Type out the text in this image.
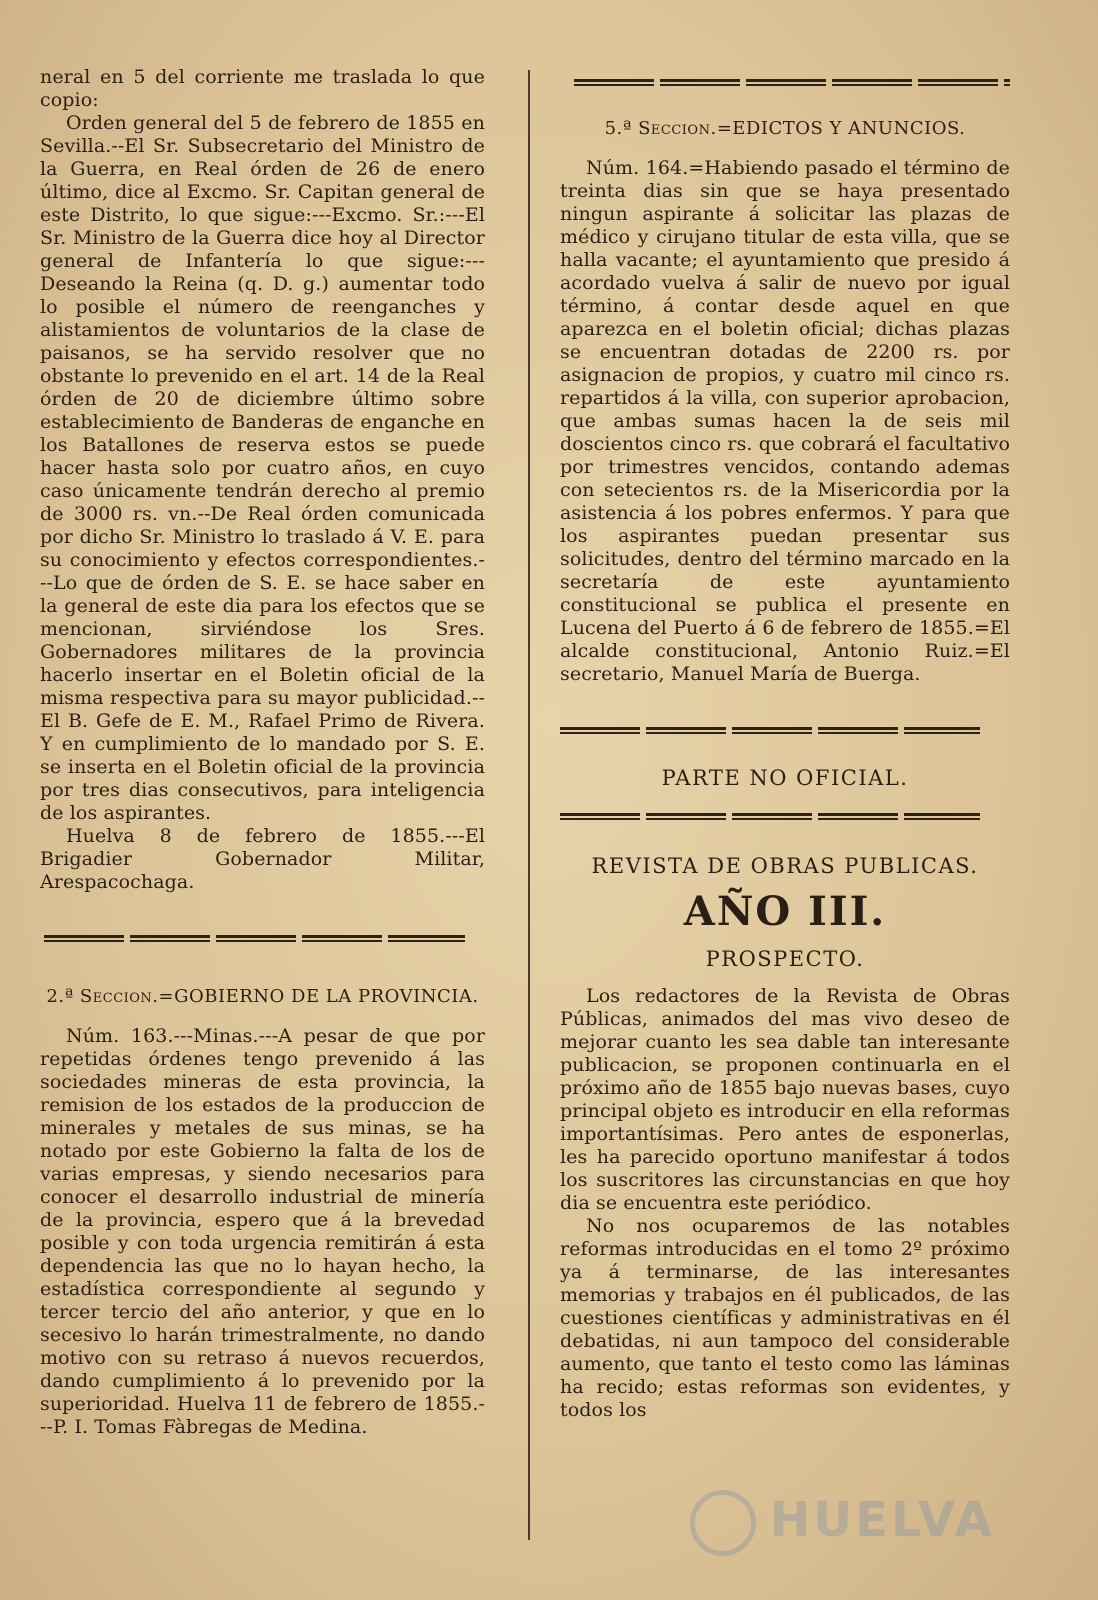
neral en 5 del corriente me traslada lo que copio:

Orden general del 5 de febrero de 1855 en Sevilla.--El Sr. Subsecretario del Ministro de la Guerra, en Real órden de 26 de enero último, dice al Excmo. Sr. Capitan general de este Distrito, lo que sigue:---Excmo. Sr.:---El Sr. Ministro de la Guerra dice hoy al Director general de Infantería lo que sigue:---Deseando la Reina (q. D. g.) aumentar todo lo posible el número de reenganches y alistamientos de voluntarios de la clase de paisanos, se ha servido resolver que no obstante lo prevenido en el art. 14 de la Real órden de 20 de diciembre último sobre establecimiento de Banderas de enganche en los Batallones de reserva estos se puede hacer hasta solo por cuatro años, en cuyo caso únicamente tendrán derecho al premio de 3000 rs. vn.--De Real órden comunicada por dicho Sr. Ministro lo traslado á V. E. para su conocimiento y efectos correspondientes.---Lo que de órden de S. E. se hace saber en la general de este dia para los efectos que se mencionan, sirviéndose los Sres. Gobernadores militares de la provincia hacerlo insertar en el Boletin oficial de la misma respectiva para su mayor publicidad.--El B. Gefe de E. M., Rafael Primo de Rivera. Y en cumplimiento de lo mandado por S. E. se inserta en el Boletin oficial de la provincia por tres dias consecutivos, para inteligencia de los aspirantes.

Huelva 8 de febrero de 1855.---El Brigadier Gobernador Militar, Arespacochaga.

2.ª Seccion.=GOBIERNO DE LA PROVINCIA.

Núm. 163.---Minas.---A pesar de que por repetidas órdenes tengo prevenido á las sociedades mineras de esta provincia, la remision de los estados de la produccion de minerales y metales de sus minas, se ha notado por este Gobierno la falta de los de varias empresas, y siendo necesarios para conocer el desarrollo industrial de minería de la provincia, espero que á la brevedad posible y con toda urgencia remitirán á esta dependencia las que no lo hayan hecho, la estadística correspondiente al segundo y tercer tercio del año anterior, y que en lo secesivo lo harán trimestralmente, no dando motivo con su retraso á nuevos recuerdos, dando cumplimiento á lo prevenido por la superioridad. Huelva 11 de febrero de 1855.---P. I. Tomas Fàbregas de Medina.

5.ª Seccion.=EDICTOS Y ANUNCIOS.

Núm. 164.=Habiendo pasado el término de treinta dias sin que se haya presentado ningun aspirante á solicitar las plazas de médico y cirujano titular de esta villa, que se halla vacante; el ayuntamiento que presido á acordado vuelva á salir de nuevo por igual término, á contar desde aquel en que aparezca en el boletin oficial; dichas plazas se encuentran dotadas de 2200 rs. por asignacion de propios, y cuatro mil cinco rs. repartidos á la villa, con superior aprobacion, que ambas sumas hacen la de seis mil doscientos cinco rs. que cobrará el facultativo por trimestres vencidos, contando ademas con setecientos rs. de la Misericordia por la asistencia á los pobres enfermos. Y para que los aspirantes puedan presentar sus solicitudes, dentro del término marcado en la secretaría de este ayuntamiento constitucional se publica el presente en Lucena del Puerto á 6 de febrero de 1855.=El alcalde constitucional, Antonio Ruiz.=El secretario, Manuel María de Buerga.

PARTE NO OFICIAL.

REVISTA DE OBRAS PUBLICAS.

AÑO III.

PROSPECTO.

Los redactores de la Revista de Obras Públicas, animados del mas vivo deseo de mejorar cuanto les sea dable tan interesante publicacion, se proponen continuarla en el próximo año de 1855 bajo nuevas bases, cuyo principal objeto es introducir en ella reformas importantísimas. Pero antes de esponerlas, les ha parecido oportuno manifestar á todos los suscritores las circunstancias en que hoy dia se encuentra este periódico.

No nos ocuparemos de las notables reformas introducidas en el tomo 2º próximo ya á terminarse, de las interesantes memorias y trabajos en él publicados, de las cuestiones científicas y administrativas en él debatidas, ni aun tampoco del considerable aumento, que tanto el testo como las láminas ha recido; estas reformas son evidentes, y todos los

HUELVA
